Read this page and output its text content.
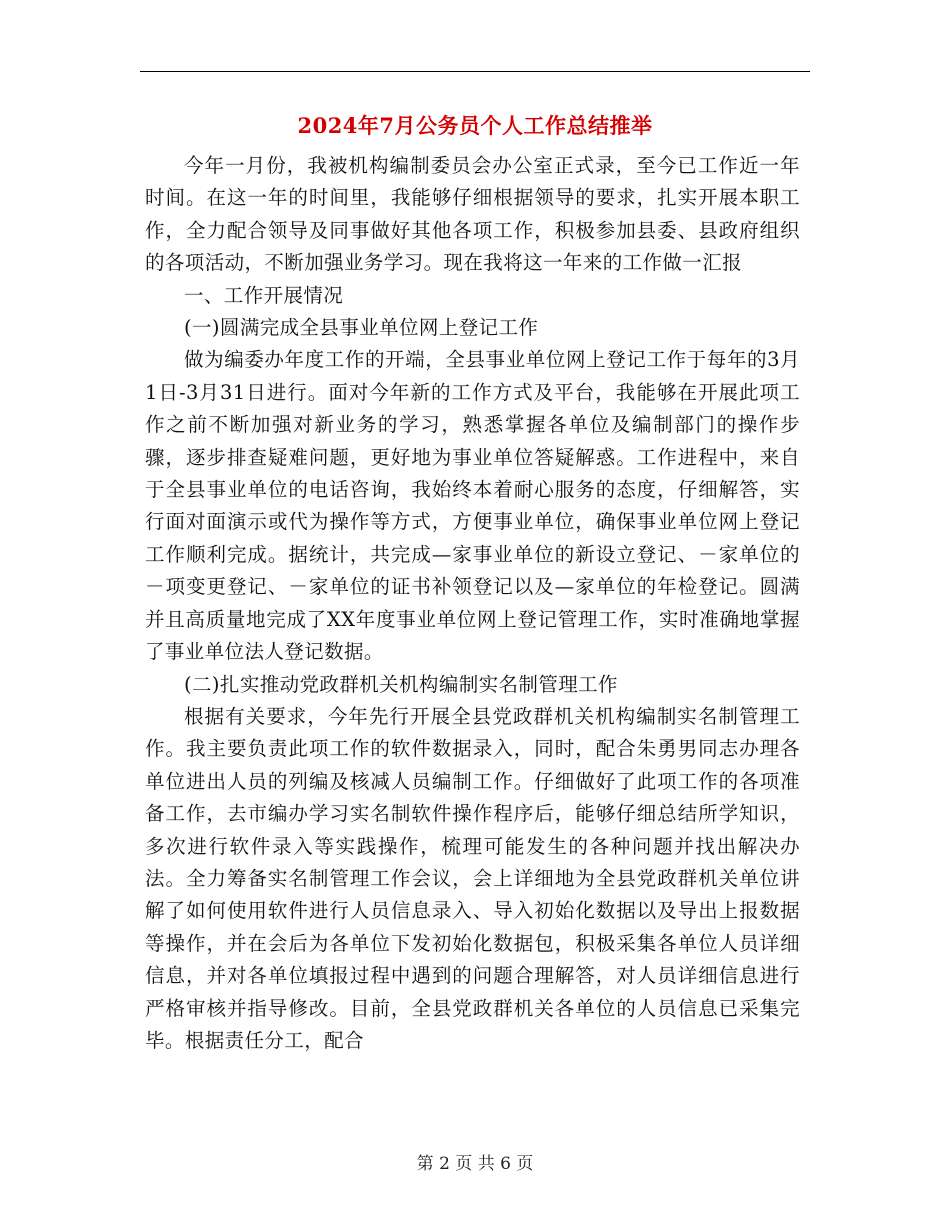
2024年7月公务员个人工作总结推举

今年一月份，我被机构编制委员会办公室正式录，至今已工作近一年时间。在这一年的时间里，我能够仔细根据领导的要求，扎实开展本职工作，全力配合领导及同事做好其他各项工作，积极参加县委、县政府组织的各项活动，不断加强业务学习。现在我将这一年来的工作做一汇报

一、工作开展情况

(一)圆满完成全县事业单位网上登记工作

做为编委办年度工作的开端，全县事业单位网上登记工作于每年的3月1日-3月31日进行。面对今年新的工作方式及平台，我能够在开展此项工作之前不断加强对新业务的学习，熟悉掌握各单位及编制部门的操作步骤，逐步排查疑难问题，更好地为事业单位答疑解惑。工作进程中，来自于全县事业单位的电话咨询，我始终本着耐心服务的态度，仔细解答，实行面对面演示或代为操作等方式，方便事业单位，确保事业单位网上登记工作顺利完成。据统计，共完成—家事业单位的新设立登记、－家单位的－项变更登记、－家单位的证书补领登记以及—家单位的年检登记。圆满并且高质量地完成了XX年度事业单位网上登记管理工作，实时准确地掌握了事业单位法人登记数据。

(二)扎实推动党政群机关机构编制实名制管理工作

根据有关要求，今年先行开展全县党政群机关机构编制实名制管理工作。我主要负责此项工作的软件数据录入，同时，配合朱勇男同志办理各单位进出人员的列编及核减人员编制工作。仔细做好了此项工作的各项准备工作，去市编办学习实名制软件操作程序后，能够仔细总结所学知识，多次进行软件录入等实践操作，梳理可能发生的各种问题并找出解决办法。全力筹备实名制管理工作会议，会上详细地为全县党政群机关单位讲解了如何使用软件进行人员信息录入、导入初始化数据以及导出上报数据等操作，并在会后为各单位下发初始化数据包，积极采集各单位人员详细信息，并对各单位填报过程中遇到的问题合理解答，对人员详细信息进行严格审核并指导修改。目前，全县党政群机关各单位的人员信息已采集完毕。根据责任分工，配合

第 2 页 共 6 页
